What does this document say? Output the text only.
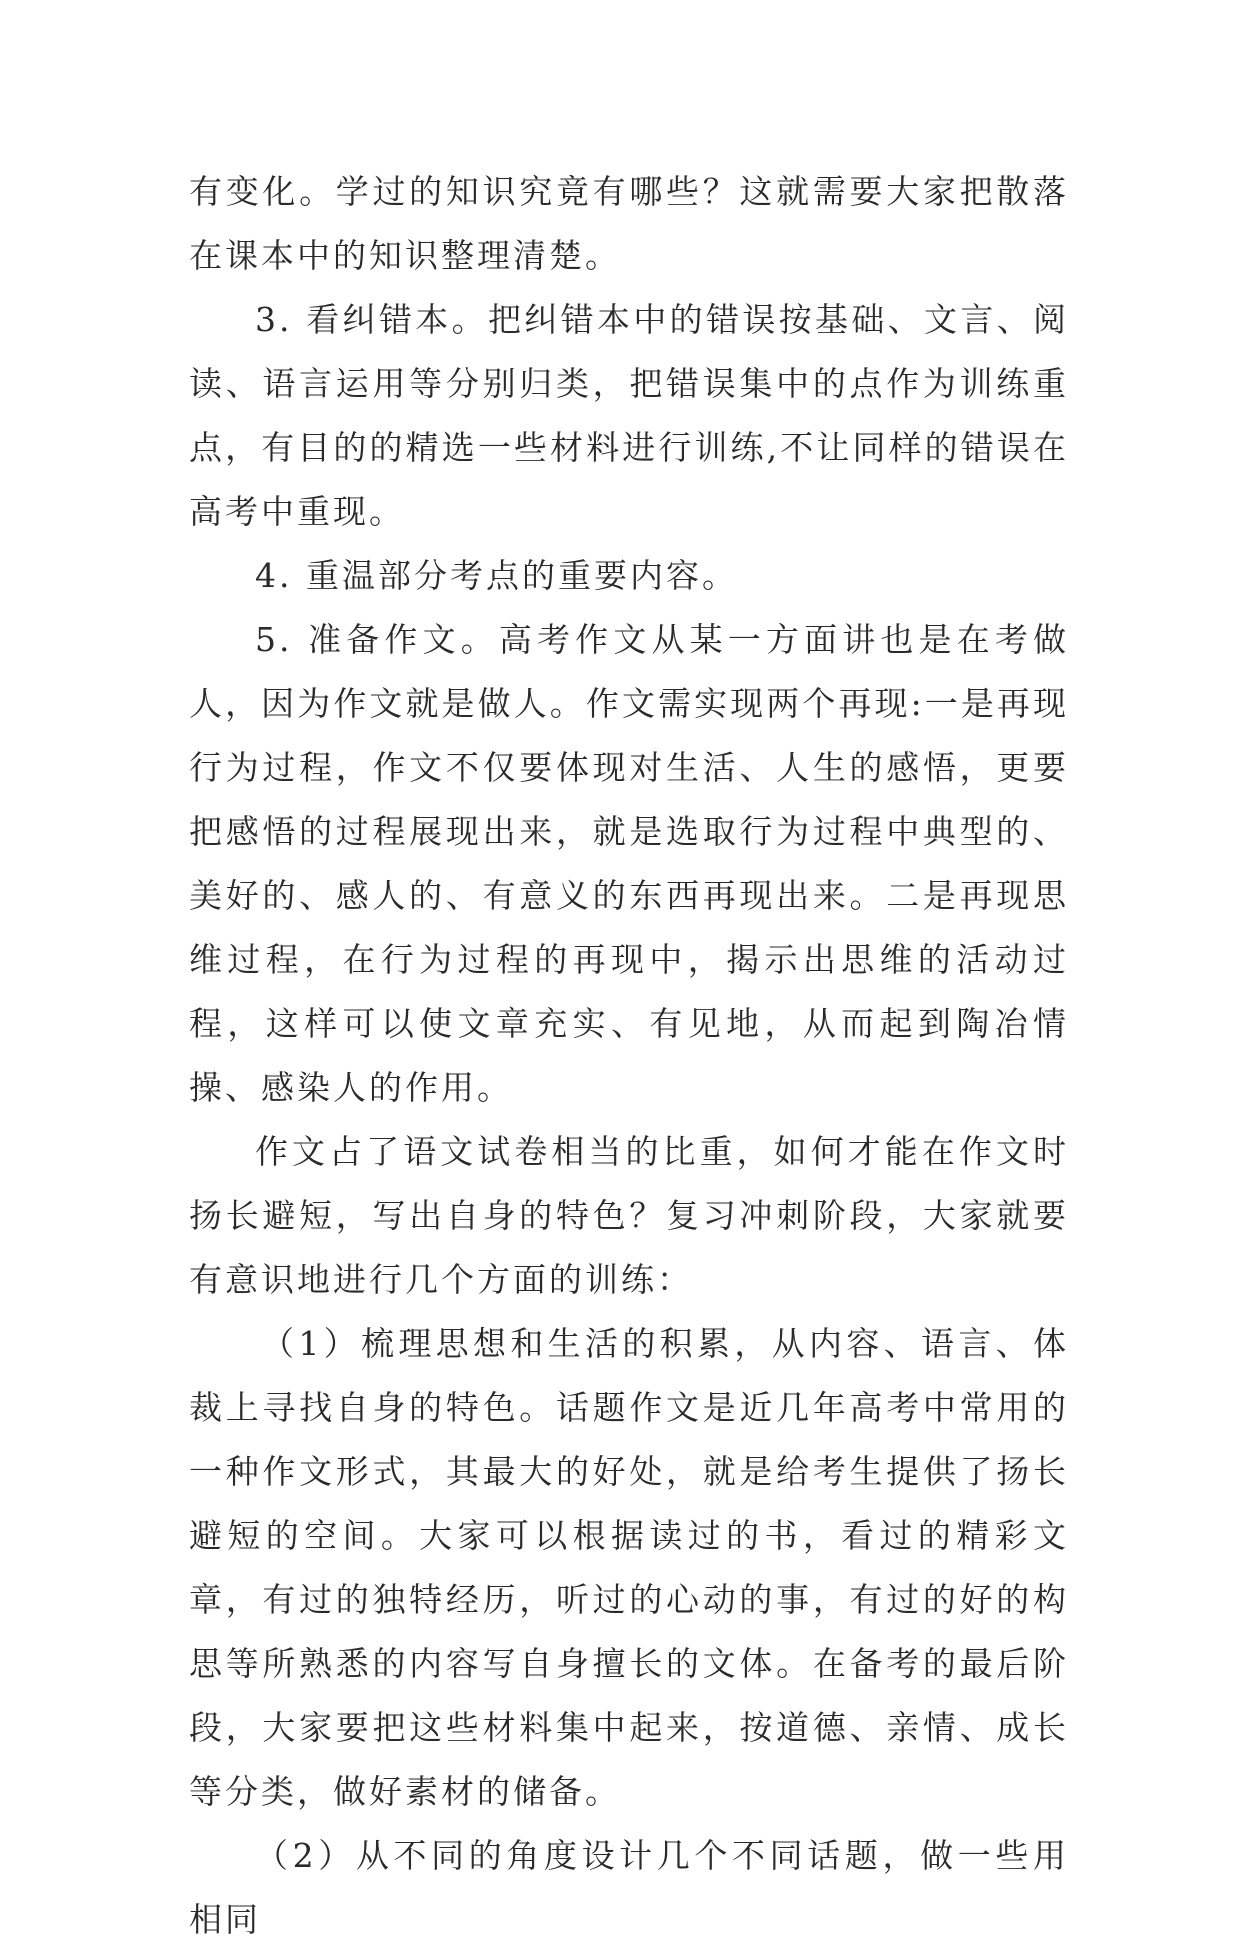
有变化。学过的知识究竟有哪些？这就需要大家把散落在课本中的知识整理清楚。

3. 看纠错本。把纠错本中的错误按基础、文言、阅读、语言运用等分别归类，把错误集中的点作为训练重点，有目的的精选一些材料进行训练,不让同样的错误在高考中重现。

4. 重温部分考点的重要内容。

5. 准备作文。高考作文从某一方面讲也是在考做人，因为作文就是做人。作文需实现两个再现:一是再现行为过程，作文不仅要体现对生活、人生的感悟，更要把感悟的过程展现出来，就是选取行为过程中典型的、美好的、感人的、有意义的东西再现出来。二是再现思维过程，在行为过程的再现中，揭示出思维的活动过程，这样可以使文章充实、有见地，从而起到陶冶情操、感染人的作用。

作文占了语文试卷相当的比重，如何才能在作文时扬长避短，写出自身的特色？复习冲刺阶段，大家就要有意识地进行几个方面的训练：

（1）梳理思想和生活的积累，从内容、语言、体裁上寻找自身的特色。话题作文是近几年高考中常用的一种作文形式，其最大的好处，就是给考生提供了扬长避短的空间。大家可以根据读过的书，看过的精彩文章，有过的独特经历，听过的心动的事，有过的好的构思等所熟悉的内容写自身擅长的文体。在备考的最后阶段，大家要把这些材料集中起来，按道德、亲情、成长等分类，做好素材的储备。

（2）从不同的角度设计几个不同话题，做一些用相同
